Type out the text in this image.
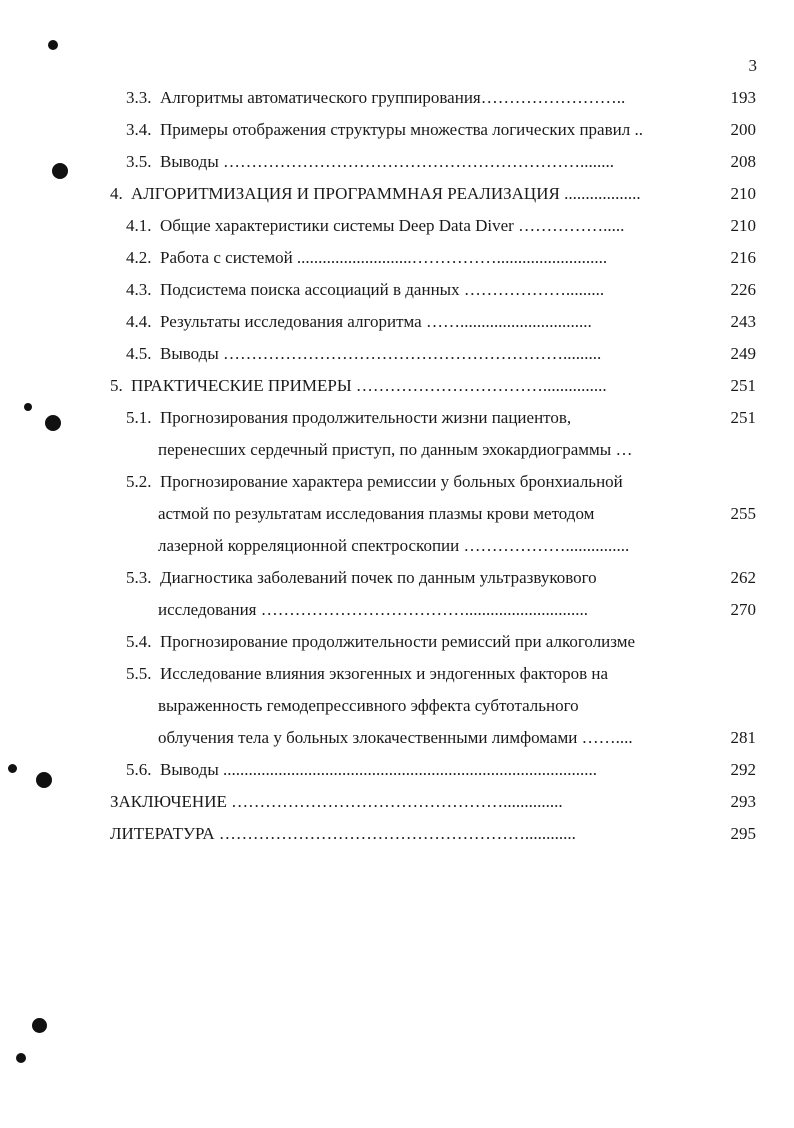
3
3.3. Алгоритмы автоматического группирования……………………..	193
3.4. Примеры отображения структуры множества логических правил ..	200
3.5. Выводы ………………………………………………………........	208
4. АЛГОРИТМИЗАЦИЯ И ПРОГРАММНАЯ РЕАЛИЗАЦИЯ ..................	210
4.1. Общие характеристики системы Deep Data Diver …………….....	210
4.2. Работа с системой ...........................……………..........................	216
4.3. Подсистема поиска ассоциаций в данных ……………….........	226
4.4. Результаты исследования алгоритма ……...............................	243
4.5. Выводы …………………………………………………….........	249
5. ПРАКТИЧЕСКИЕ ПРИМЕРЫ ……………………………...............	251
5.1. Прогнозирования продолжительности жизни пациентов,	251
перенесших сердечный приступ, по данным эхокардиограммы …
5.2. Прогнозирование характера ремиссии у больных бронхиальной
астмой по результатам исследования плазмы крови методом	255
лазерной корреляционной спектроскопии ………………...............
5.3. Диагностика заболеваний почек по данным ультразвукового	262
исследования ……………………………….............................	270
5.4. Прогнозирование продолжительности ремиссий при алкоголизме
5.5. Исследование влияния экзогенных и эндогенных факторов на
выраженность гемодепрессивного эффекта субтотального
облучения тела у больных злокачественными лимфомами ……....	281
5.6. Выводы ........................................................................................	292
ЗАКЛЮЧЕНИЕ …………………………………………..............	293
ЛИТЕРАТУРА ………………………………………………............	295
